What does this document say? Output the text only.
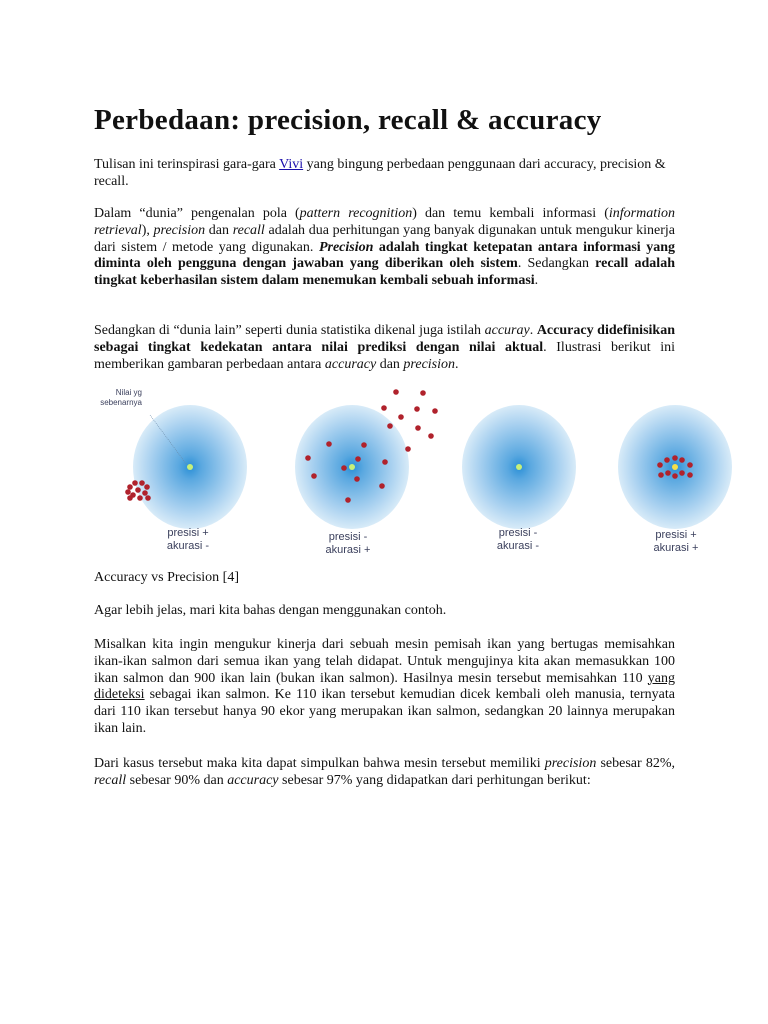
Perbedaan: precision, recall & accuracy

Tulisan ini terinspirasi gara-gara Vivi yang bingung perbedaan penggunaan dari accuracy, precision & recall.

Dalam “dunia” pengenalan pola (pattern recognition) dan temu kembali informasi (information retrieval), precision dan recall adalah dua perhitungan yang banyak digunakan untuk mengukur kinerja dari sistem / metode yang digunakan. Precision adalah tingkat ketepatan antara informasi yang diminta oleh pengguna dengan jawaban yang diberikan oleh sistem. Sedangkan recall adalah tingkat keberhasilan sistem dalam menemukan kembali sebuah informasi.

Sedangkan di “dunia lain” seperti dunia statistika dikenal juga istilah accuray. Accuracy didefinisikan sebagai tingkat kedekatan antara nilai prediksi dengan nilai aktual. Ilustrasi berikut ini memberikan gambaran perbedaan antara accuracy dan precision.

Nilai yg
sebenarnya
presisi +
akurasi -
presisi -
akurasi +
presisi -
akurasi -
presisi +
akurasi +

Accuracy vs Precision [4]

Agar lebih jelas, mari kita bahas dengan menggunakan contoh.

Misalkan kita ingin mengukur kinerja dari sebuah mesin pemisah ikan yang bertugas memisahkan ikan-ikan salmon dari semua ikan yang telah didapat. Untuk mengujinya kita akan memasukkan 100 ikan salmon dan 900 ikan lain (bukan ikan salmon). Hasilnya mesin tersebut memisahkan 110 yang dideteksi sebagai ikan salmon. Ke 110 ikan tersebut kemudian dicek kembali oleh manusia, ternyata dari 110 ikan tersebut hanya 90 ekor yang merupakan ikan salmon, sedangkan 20 lainnya merupakan ikan lain.

Dari kasus tersebut maka kita dapat simpulkan bahwa mesin tersebut memiliki precision sebesar 82%, recall sebesar 90% dan accuracy sebesar 97% yang didapatkan dari perhitungan berikut:
